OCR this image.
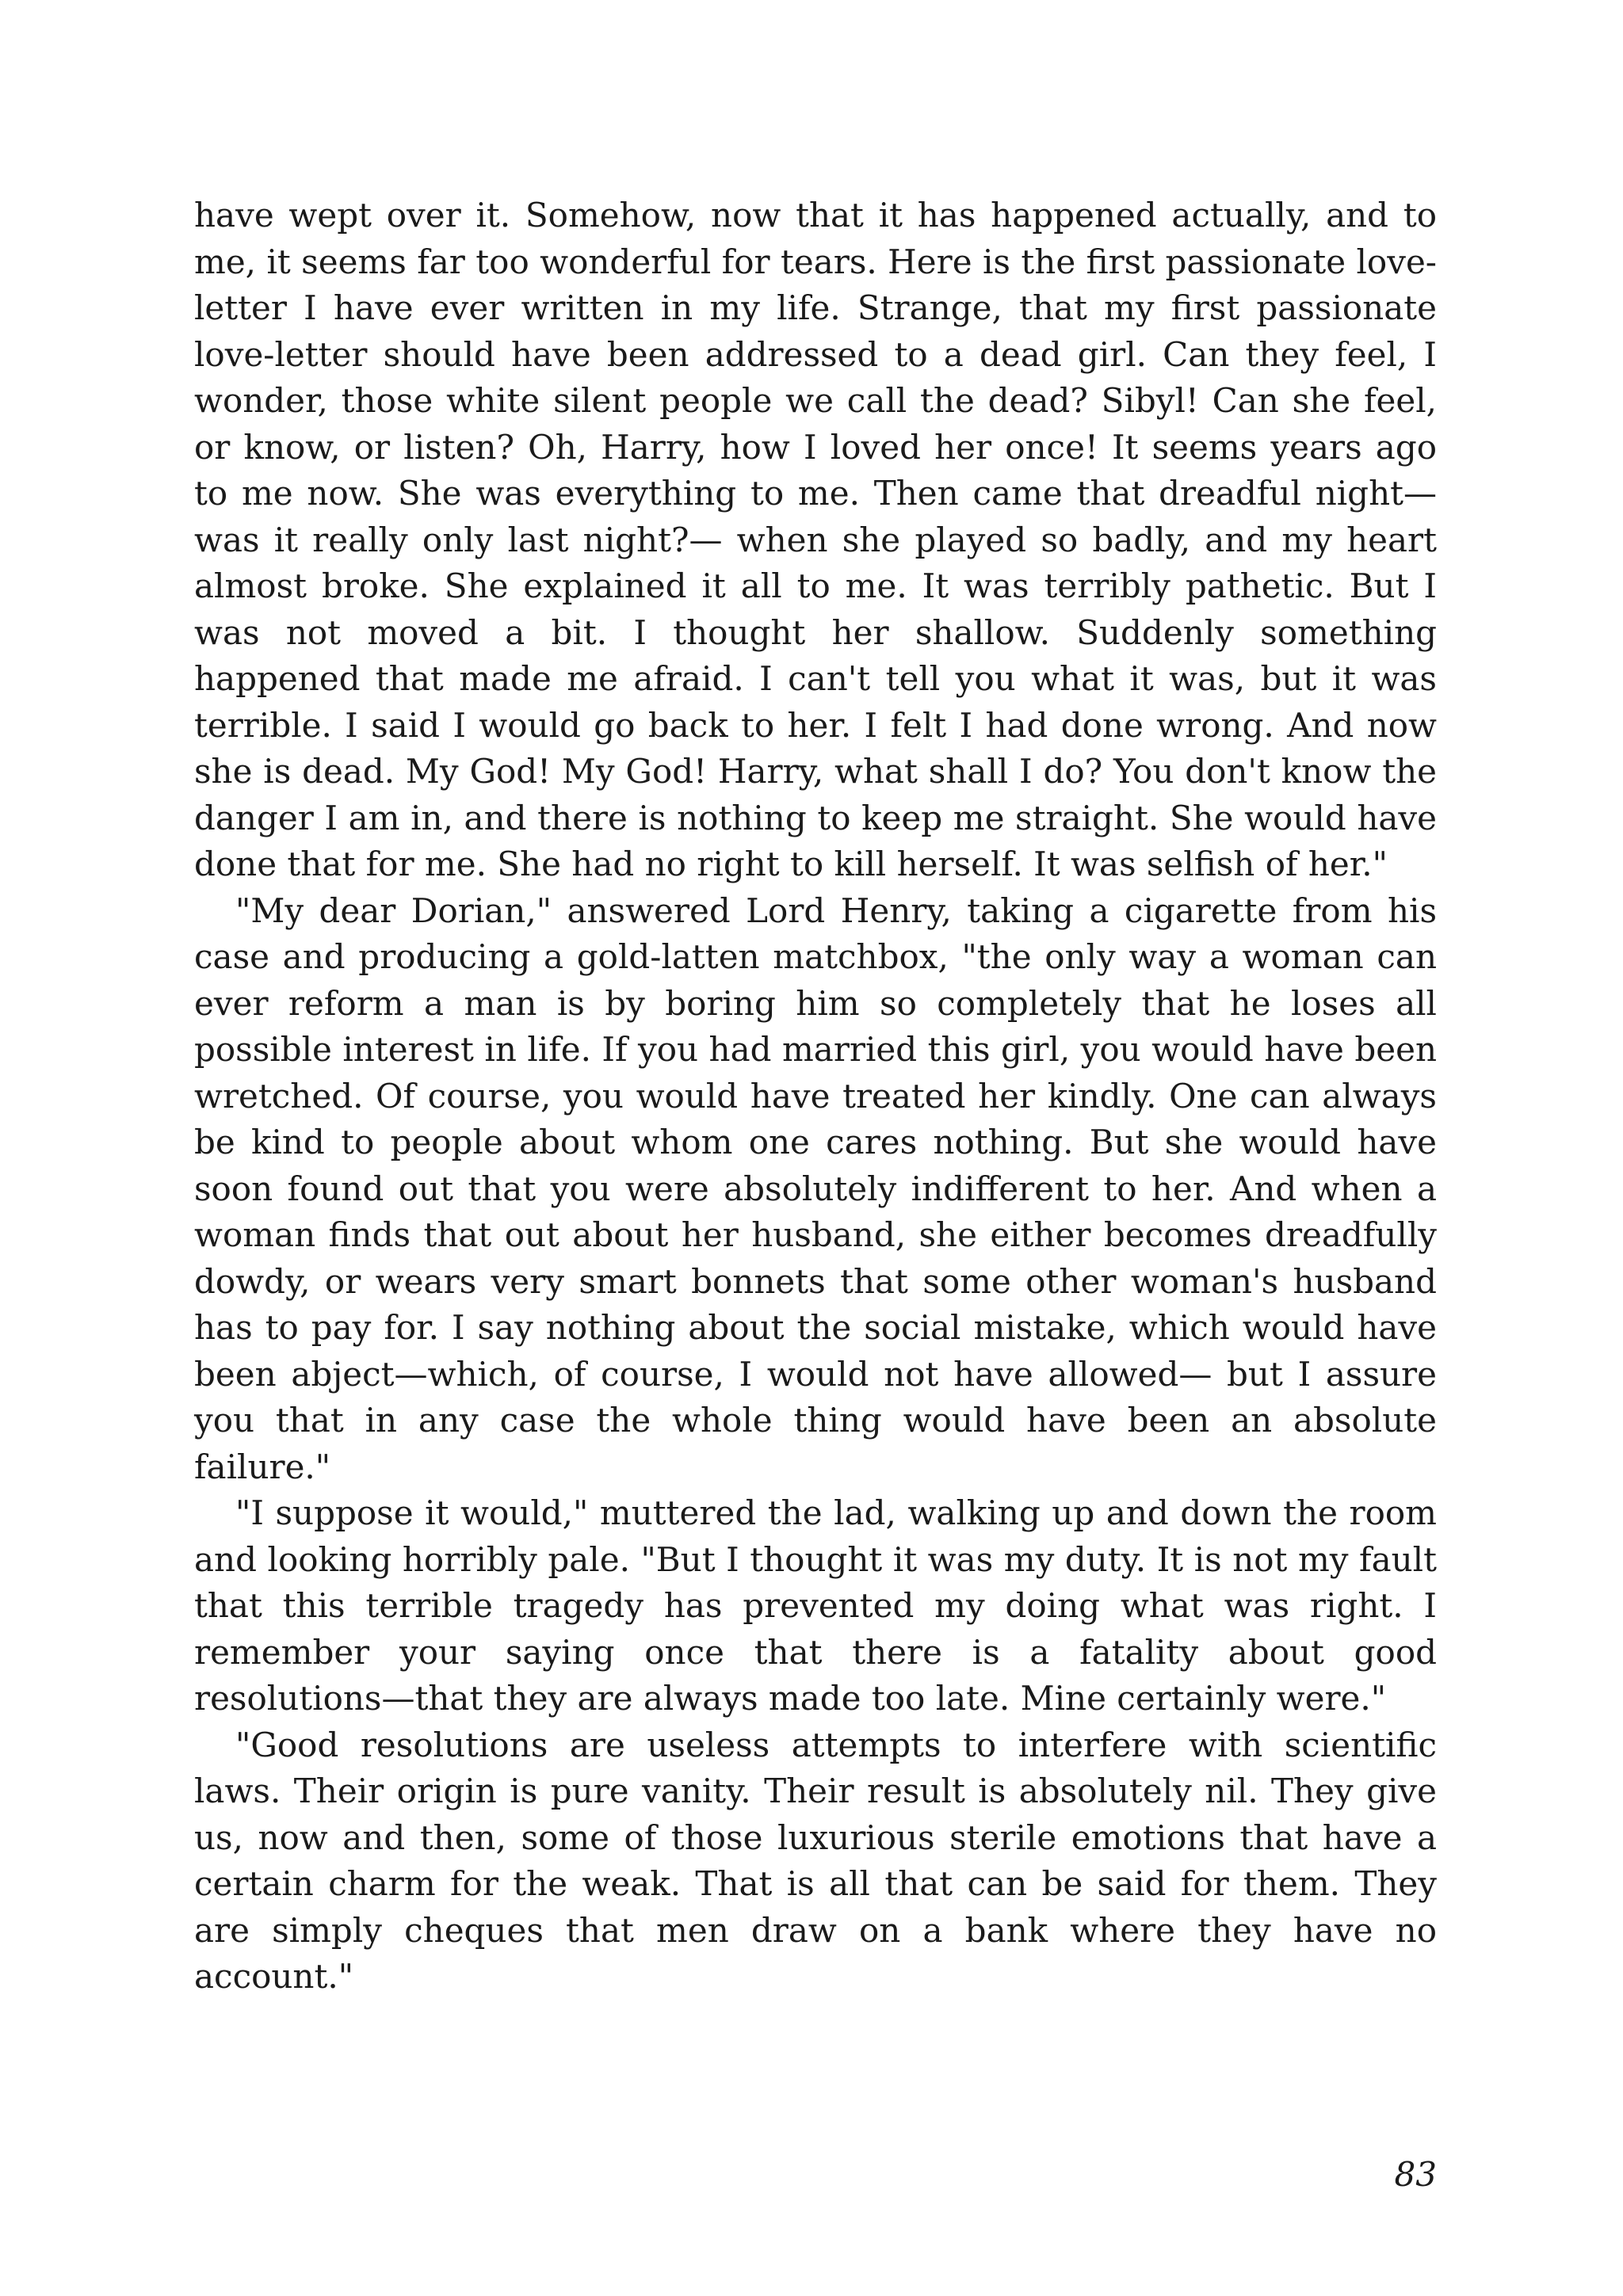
have wept over it. Somehow, now that it has happened actually, and to me, it seems far too wonderful for tears. Here is the first passionate love-letter I have ever written in my life. Strange, that my first passionate love-letter should have been addressed to a dead girl. Can they feel, I wonder, those white silent people we call the dead? Sibyl! Can she feel, or know, or listen? Oh, Harry, how I loved her once! It seems years ago to me now. She was everything to me. Then came that dreadful night—was it really only last night?— when she played so badly, and my heart almost broke. She explained it all to me. It was terribly pathetic. But I was not moved a bit. I thought her shallow. Suddenly something happened that made me afraid. I can't tell you what it was, but it was terrible. I said I would go back to her. I felt I had done wrong. And now she is dead. My God! My God! Harry, what shall I do? You don't know the danger I am in, and there is nothing to keep me straight. She would have done that for me. She had no right to kill herself. It was selfish of her."

"My dear Dorian," answered Lord Henry, taking a cigarette from his case and producing a gold-latten matchbox, "the only way a woman can ever reform a man is by boring him so completely that he loses all possible interest in life. If you had married this girl, you would have been wretched. Of course, you would have treated her kindly. One can always be kind to people about whom one cares nothing. But she would have soon found out that you were absolutely indifferent to her. And when a woman finds that out about her husband, she either becomes dreadfully dowdy, or wears very smart bonnets that some other woman's husband has to pay for. I say nothing about the social mistake, which would have been abject—which, of course, I would not have allowed— but I assure you that in any case the whole thing would have been an absolute failure."

"I suppose it would," muttered the lad, walking up and down the room and looking horribly pale. "But I thought it was my duty. It is not my fault that this terrible tragedy has prevented my doing what was right. I remember your saying once that there is a fatality about good resolutions—that they are always made too late. Mine certainly were."

"Good resolutions are useless attempts to interfere with scientific laws. Their origin is pure vanity. Their result is absolutely nil. They give us, now and then, some of those luxurious sterile emotions that have a certain charm for the weak. That is all that can be said for them. They are simply cheques that men draw on a bank where they have no account."

83
